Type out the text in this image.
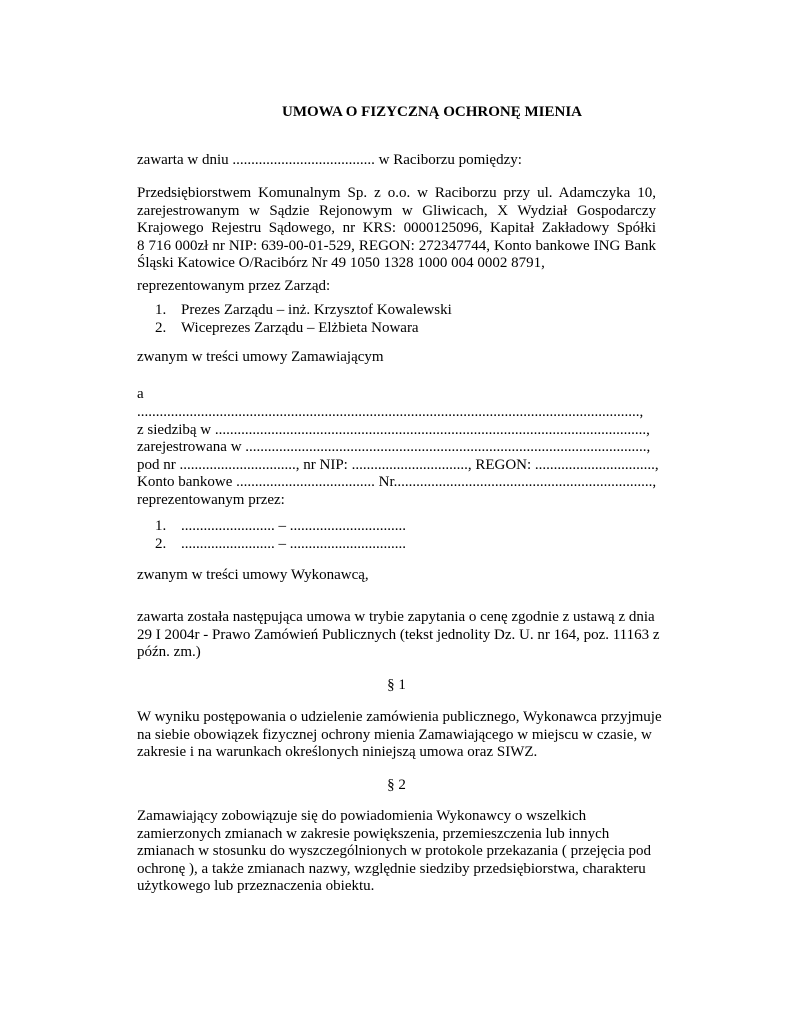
UMOWA O FIZYCZNĄ OCHRONĘ MIENIA
zawarta w dniu ...................................... w Raciborzu pomiędzy:
Przedsiębiorstwem Komunalnym Sp. z o.o. w Raciborzu przy ul. Adamczyka 10,
zarejestrowanym w Sądzie Rejonowym w Gliwicach, X Wydział Gospodarczy
Krajowego Rejestru Sądowego, nr KRS: 0000125096, Kapitał Zakładowy Spółki
8 716 000zł nr NIP: 639-00-01-529, REGON: 272347744, Konto bankowe ING Bank
Śląski Katowice O/Racibórz Nr 49 1050 1328 1000 004 0002 8791,
reprezentowanym przez Zarząd:
1. Prezes Zarządu – inż. Krzysztof Kowalewski
2. Wiceprezes Zarządu – Elżbieta Nowara
zwanym w treści umowy Zamawiającym
a
......................................................................................................................................,
z siedzibą w ...................................................................................................................,
zarejestrowana w ...........................................................................................................,
pod nr ..............................., nr NIP: ..............................., REGON: ................................,
Konto bankowe ..................................... Nr.....................................................................,
reprezentowanym przez:
1. ......................... – ...............................
2. ......................... – ...............................
zwanym w treści umowy Wykonawcą,
zawarta została następująca umowa w trybie zapytania o cenę zgodnie z ustawą z dnia
29 I 2004r - Prawo Zamówień Publicznych (tekst jednolity Dz. U. nr 164, poz. 11163 z
późn. zm.)
§ 1
W wyniku postępowania o udzielenie zamówienia publicznego, Wykonawca przyjmuje
na siebie obowiązek fizycznej ochrony mienia Zamawiającego w miejscu w czasie, w
zakresie i na warunkach określonych niniejszą umowa oraz SIWZ.
§ 2
Zamawiający zobowiązuje się do powiadomienia Wykonawcy o wszelkich
zamierzonych zmianach w zakresie powiększenia, przemieszczenia lub innych
zmianach w stosunku do wyszczególnionych w protokole przekazania ( przejęcia pod
ochronę ), a także zmianach nazwy, względnie siedziby przedsiębiorstwa, charakteru
użytkowego lub przeznaczenia obiektu.
